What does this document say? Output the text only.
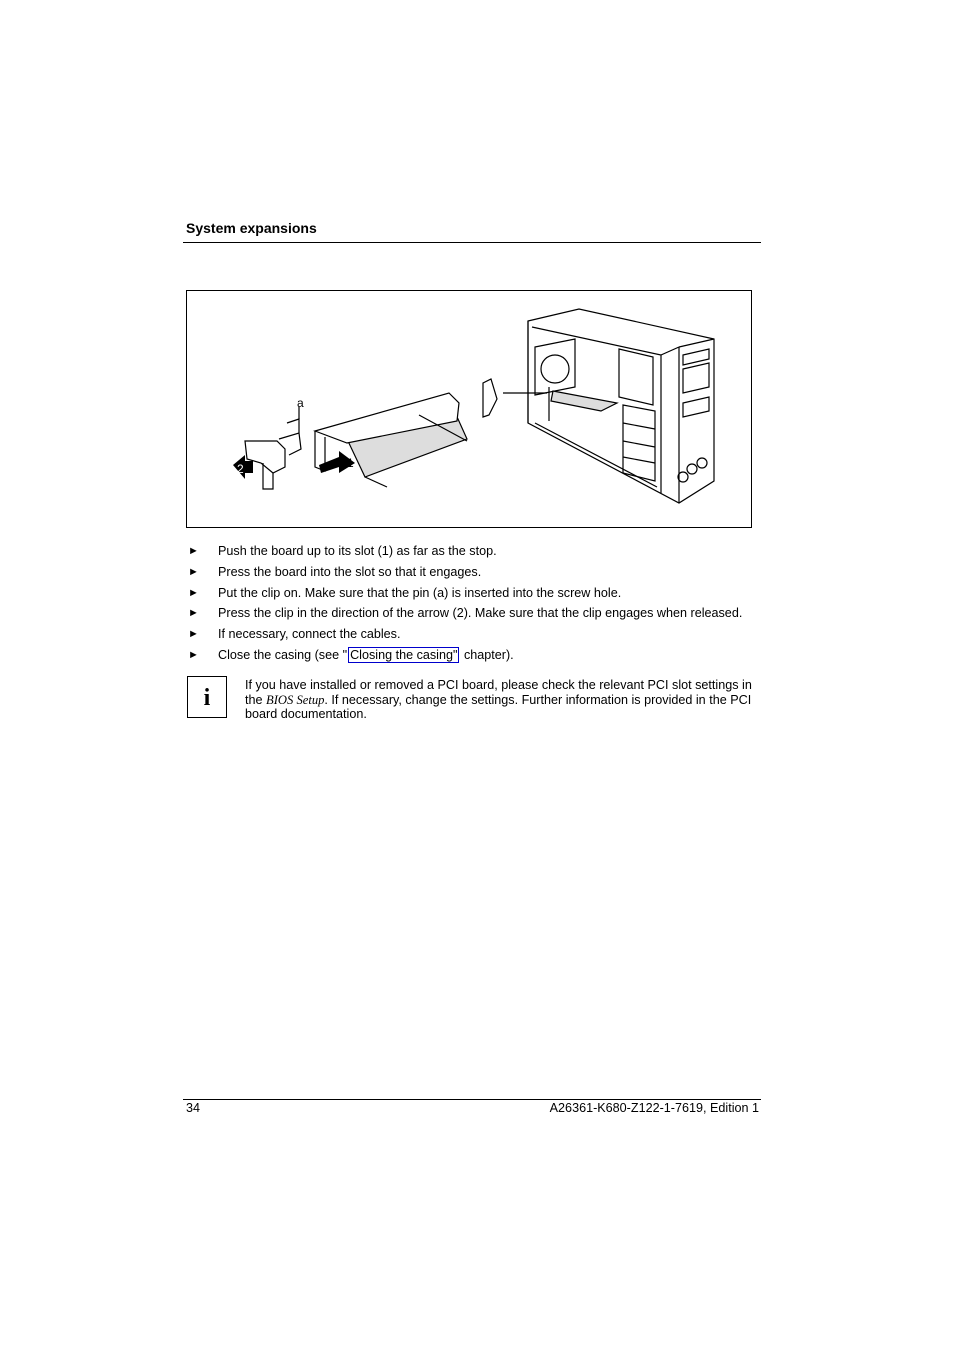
System expansions
a
1
2
► Push the board up to its slot (1) as far as the stop.
► Press the board into the slot so that it engages.
► Put the clip on. Make sure that the pin (a) is inserted into the screw hole.
► Press the clip in the direction of the arrow (2). Make sure that the clip engages when released.
► If necessary, connect the cables.
► Close the casing (see " Closing the casing" chapter).
i	If you have installed or removed a PCI board, please check the relevant PCI slot settings in the BIOS Setup. If necessary, change the settings. Further information is provided in the PCI board documentation.
34	A26361-K680-Z122-1-7619, Edition 1
